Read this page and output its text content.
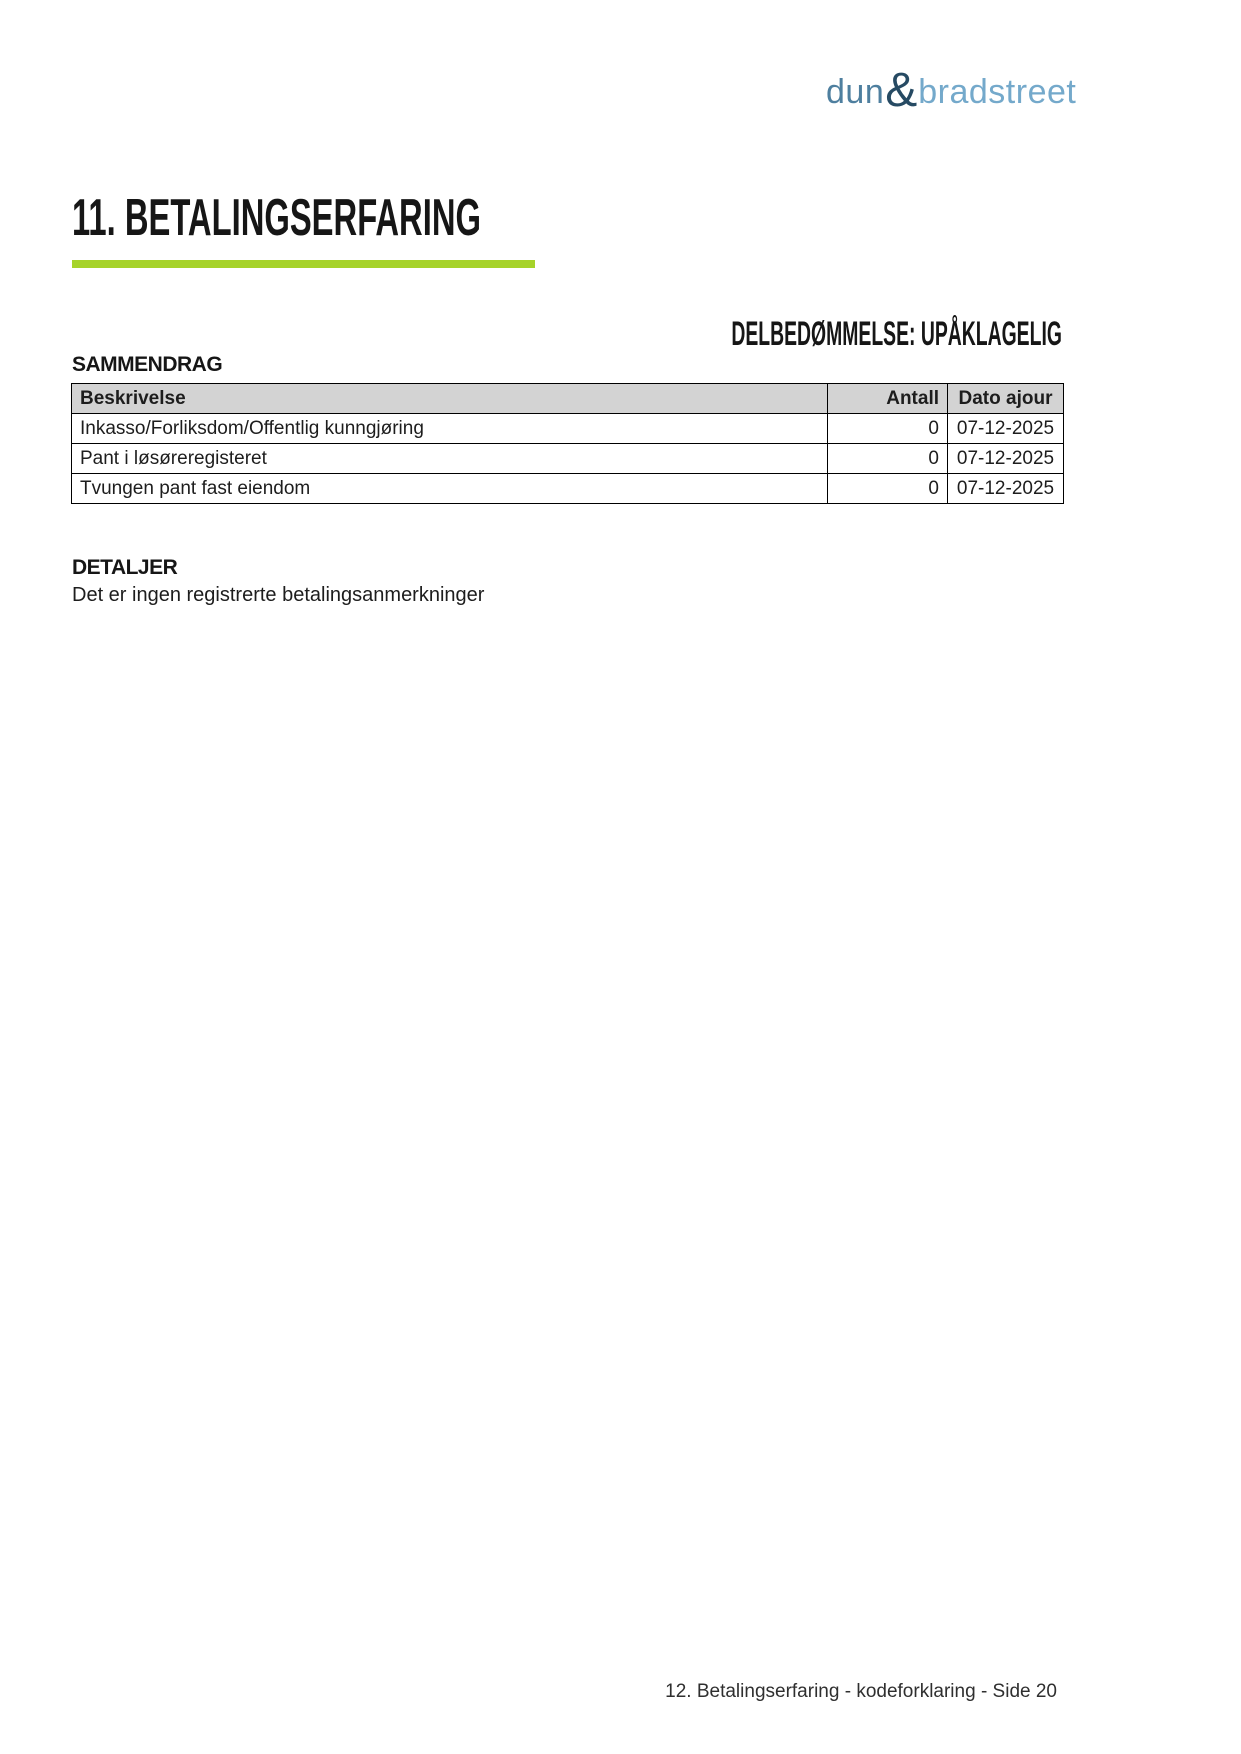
dun & bradstreet
11. BETALINGSERFARING
DELBEDØMMELSE: UPÅKLAGELIG
SAMMENDRAG
Beskrivelse	Antall	Dato ajour
Inkasso/Forliksdom/Offentlig kunngjøring	0	07-12-2025
Pant i løsøreregisteret	0	07-12-2025
Tvungen pant fast eiendom	0	07-12-2025
DETALJER

Det er ingen registrerte betalingsanmerkninger

12. Betalingserfaring - kodeforklaring - Side 20
